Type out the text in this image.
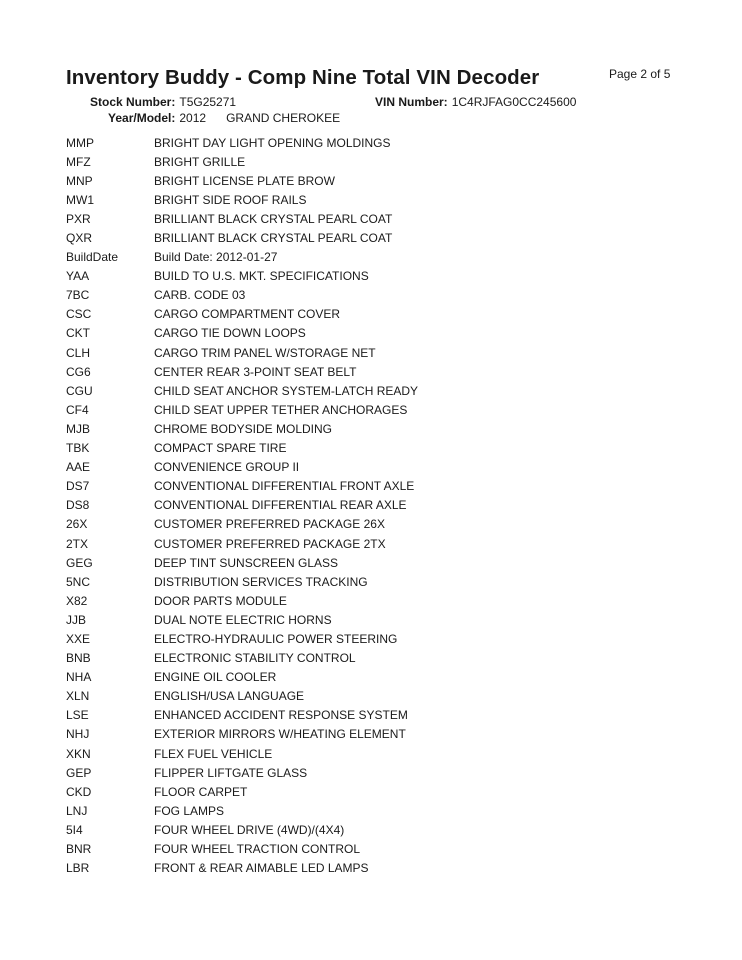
Inventory Buddy - Comp Nine Total VIN Decoder	Page 2 of 5
Stock Number: T5G25271	VIN Number: 1C4RJFAG0CC245600
Year/Model: 2012 GRAND CHEROKEE
MMP	BRIGHT DAY LIGHT OPENING MOLDINGS
MFZ	BRIGHT GRILLE
MNP	BRIGHT LICENSE PLATE BROW
MW1	BRIGHT SIDE ROOF RAILS
PXR	BRILLIANT BLACK CRYSTAL PEARL COAT
QXR	BRILLIANT BLACK CRYSTAL PEARL COAT
BuildDate	Build Date: 2012-01-27
YAA	BUILD TO U.S. MKT. SPECIFICATIONS
7BC	CARB. CODE 03
CSC	CARGO COMPARTMENT COVER
CKT	CARGO TIE DOWN LOOPS
CLH	CARGO TRIM PANEL W/STORAGE NET
CG6	CENTER REAR 3-POINT SEAT BELT
CGU	CHILD SEAT ANCHOR SYSTEM-LATCH READY
CF4	CHILD SEAT UPPER TETHER ANCHORAGES
MJB	CHROME BODYSIDE MOLDING
TBK	COMPACT SPARE TIRE
AAE	CONVENIENCE GROUP II
DS7	CONVENTIONAL DIFFERENTIAL FRONT AXLE
DS8	CONVENTIONAL DIFFERENTIAL REAR AXLE
26X	CUSTOMER PREFERRED PACKAGE 26X
2TX	CUSTOMER PREFERRED PACKAGE 2TX
GEG	DEEP TINT SUNSCREEN GLASS
5NC	DISTRIBUTION SERVICES TRACKING
X82	DOOR PARTS MODULE
JJB	DUAL NOTE ELECTRIC HORNS
XXE	ELECTRO-HYDRAULIC POWER STEERING
BNB	ELECTRONIC STABILITY CONTROL
NHA	ENGINE OIL COOLER
XLN	ENGLISH/USA LANGUAGE
LSE	ENHANCED ACCIDENT RESPONSE SYSTEM
NHJ	EXTERIOR MIRRORS W/HEATING ELEMENT
XKN	FLEX FUEL VEHICLE
GEP	FLIPPER LIFTGATE GLASS
CKD	FLOOR CARPET
LNJ	FOG LAMPS
5I4	FOUR WHEEL DRIVE (4WD)/(4X4)
BNR	FOUR WHEEL TRACTION CONTROL
LBR	FRONT & REAR AIMABLE LED LAMPS
